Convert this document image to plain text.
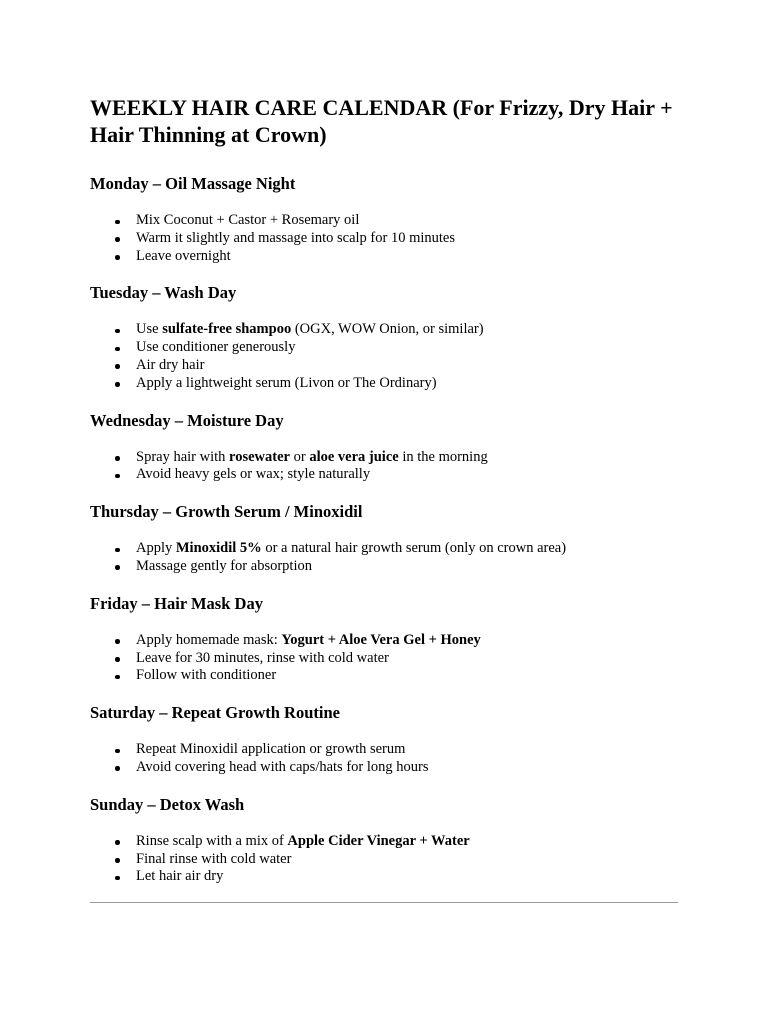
WEEKLY HAIR CARE CALENDAR (For Frizzy, Dry Hair + Hair Thinning at Crown)
Monday – Oil Massage Night
Mix Coconut + Castor + Rosemary oil
Warm it slightly and massage into scalp for 10 minutes
Leave overnight
Tuesday – Wash Day
Use sulfate-free shampoo (OGX, WOW Onion, or similar)
Use conditioner generously
Air dry hair
Apply a lightweight serum (Livon or The Ordinary)
Wednesday – Moisture Day
Spray hair with rosewater or aloe vera juice in the morning
Avoid heavy gels or wax; style naturally
Thursday – Growth Serum / Minoxidil
Apply Minoxidil 5% or a natural hair growth serum (only on crown area)
Massage gently for absorption
Friday – Hair Mask Day
Apply homemade mask: Yogurt + Aloe Vera Gel + Honey
Leave for 30 minutes, rinse with cold water
Follow with conditioner
Saturday – Repeat Growth Routine
Repeat Minoxidil application or growth serum
Avoid covering head with caps/hats for long hours
Sunday – Detox Wash
Rinse scalp with a mix of Apple Cider Vinegar + Water
Final rinse with cold water
Let hair air dry
